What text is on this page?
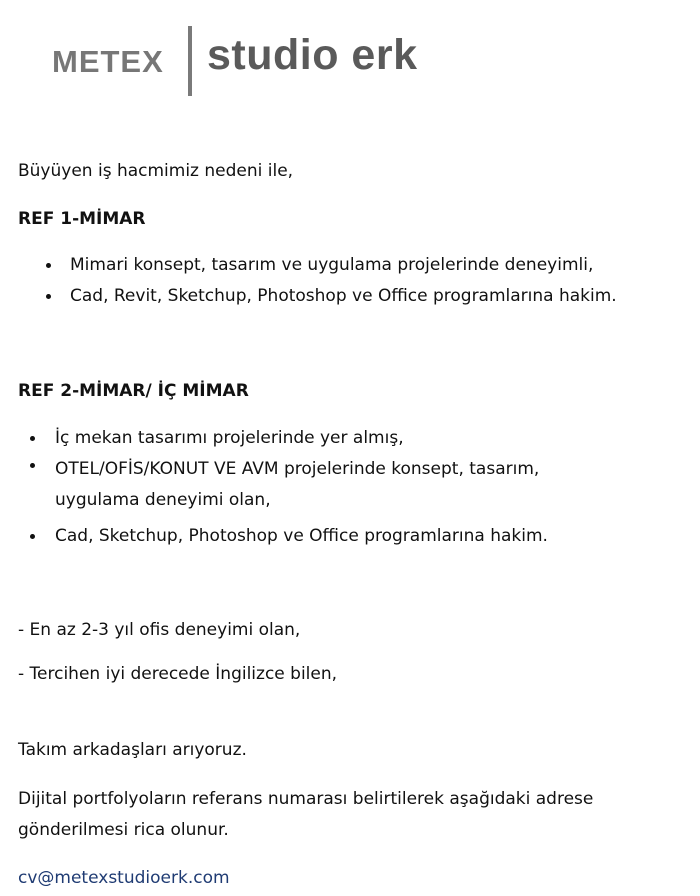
METEX studio erk
Büyüyen iş hacmimiz nedeni ile,
REF 1-MİMAR
Mimari konsept, tasarım ve uygulama projelerinde deneyimli,
Cad, Revit, Sketchup, Photoshop ve Office programlarına hakim.
REF 2-MİMAR/ İÇ MİMAR
İç mekan tasarımı projelerinde yer almış,
OTEL/OFİS/KONUT VE AVM projelerinde konsept, tasarım, uygulama deneyimi olan,
Cad, Sketchup, Photoshop ve Office programlarına hakim.
- En az 2-3 yıl ofis deneyimi olan,
- Tercihen iyi derecede İngilizce bilen,
Takım arkadaşları arıyoruz.
Dijital portfolyoların referans numarası belirtilerek aşağıdaki adrese gönderilmesi rica olunur.
cv@metexstudioerk.com
